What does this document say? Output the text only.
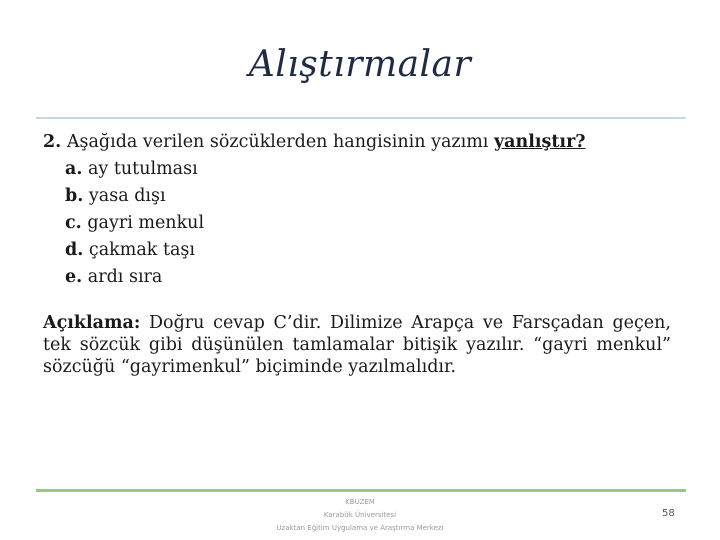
Alıştırmalar
2. Aşağıda verilen sözcüklerden hangisinin yazımı yanlıştır?
a. ay tutulması
b. yasa dışı
c. gayri menkul
d. çakmak taşı
e. ardı sıra
Açıklama: Doğru cevap C’dir. Dilimize Arapça ve Farsçadan geçen, tek sözcük gibi düşünülen tamlamalar bitişik yazılır. “gayri menkul” sözcüğü “gayrimenkul” biçiminde yazılmalıdır.
KBUZEM
Karabük Üniversitesi
Uzaktan Eğitim Uygulama ve Araştırma Merkezi
58
